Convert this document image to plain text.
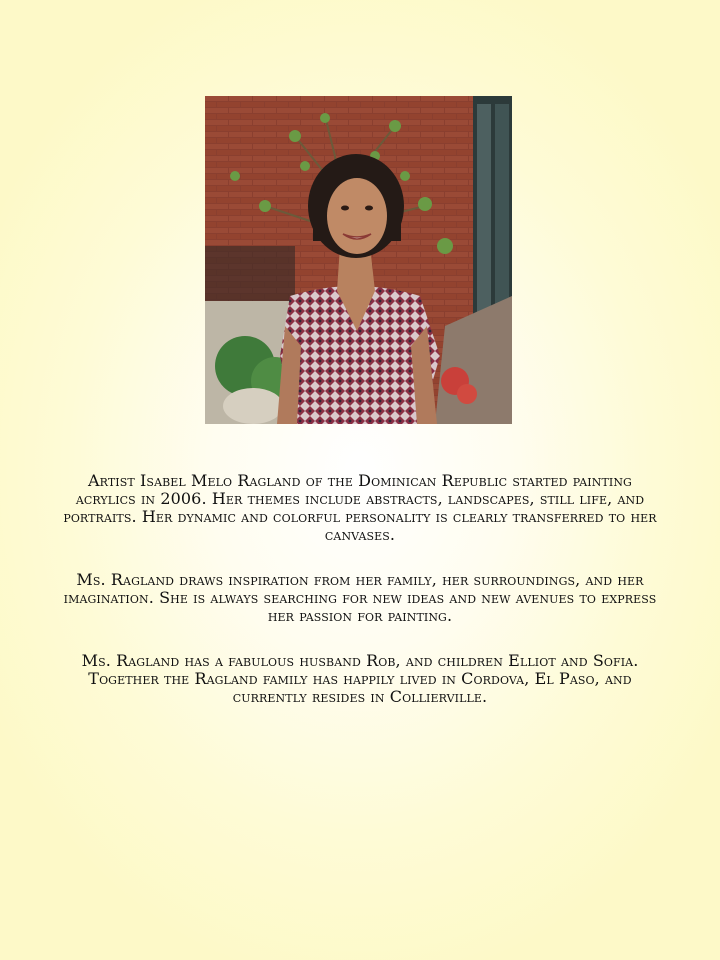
Artist Isabel Melo Ragland of the Dominican Republic started painting acrylics in 2006. Her themes include abstracts, landscapes, still life, and portraits. Her dynamic and colorful personality is clearly transferred to her canvases.

Ms. Ragland draws inspiration from her family, her surroundings, and her imagination. She is always searching for new ideas and new avenues to express her passion for painting.

Ms. Ragland has a fabulous husband Rob, and children Elliot and Sofia. Together the Ragland family has happily lived in Cordova, El Paso, and currently resides in Collierville.
